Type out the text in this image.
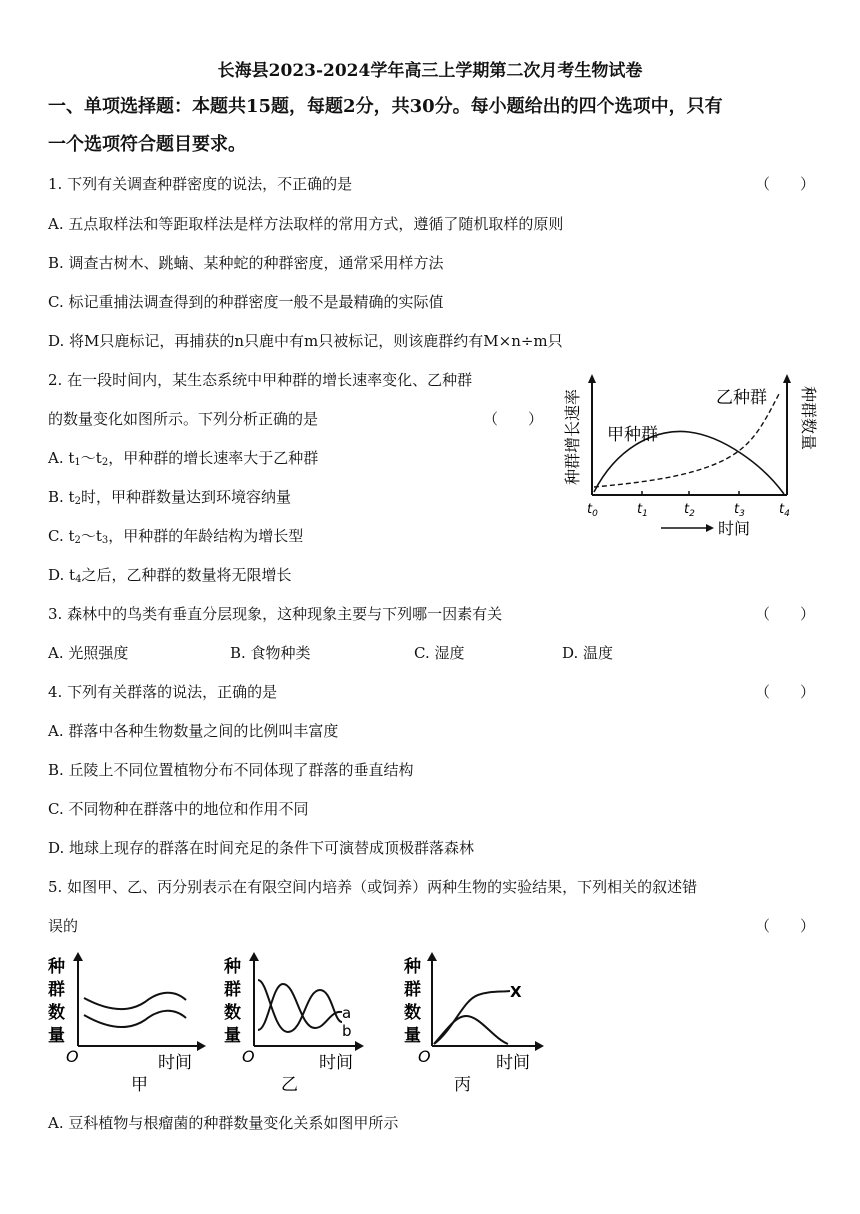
长海县2023-2024学年高三上学期第二次月考生物试卷
一、单项选择题：本题共15题，每题2分，共30分。每小题给出的四个选项中，只有
一个选项符合题目要求。
1. 下列有关调查种群密度的说法，不正确的是	（　　）
A. 五点取样法和等距取样法是样方法取样的常用方式，遵循了随机取样的原则
B. 调查古树木、跳蝻、某种蛇的种群密度，通常采用样方法
C. 标记重捕法调查得到的种群密度一般不是最精确的实际值
D. 将M只鹿标记，再捕获的n只鹿中有m只被标记，则该鹿群约有M×n÷m只
2. 在一段时间内，某生态系统中甲种群的增长速率变化、乙种群
的数量变化如图所示。下列分析正确的是	（　　）
A. $t_1\sim t_2$，甲种群的增长速率大于乙种群
B. $t_2$时，甲种群数量达到环境容纳量
C. $t_2\sim t_3$，甲种群的年龄结构为增长型
D. $t_4$之后，乙种群的数量将无限增长
种群增长速率	种群数量
甲种群
乙种群
时间
$t_0$	$t_1$	$t_2$	$t_3$	$t_4$
3. 森林中的鸟类有垂直分层现象，这种现象主要与下列哪一因素有关	（　　）
A. 光照强度	B. 食物种类	C. 湿度	D. 温度
4. 下列有关群落的说法，正确的是	（　　）
A. 群落中各种生物数量之间的比例叫丰富度
B. 丘陵上不同位置植物分布不同体现了群落的垂直结构
C. 不同物种在群落中的地位和作用不同
D. 地球上现存的群落在时间充足的条件下可演替成顶极群落森林
5. 如图甲、乙、丙分别表示在有限空间内培养（或饲养）两种生物的实验结果，下列相关的叙述错
误的	（　　）
种
群
数
量
O	时间
甲
种
群
数
量
a
b
O	时间
乙
种
群
数
量
X
O	时间
丙
A. 豆科植物与根瘤菌的种群数量变化关系如图甲所示
